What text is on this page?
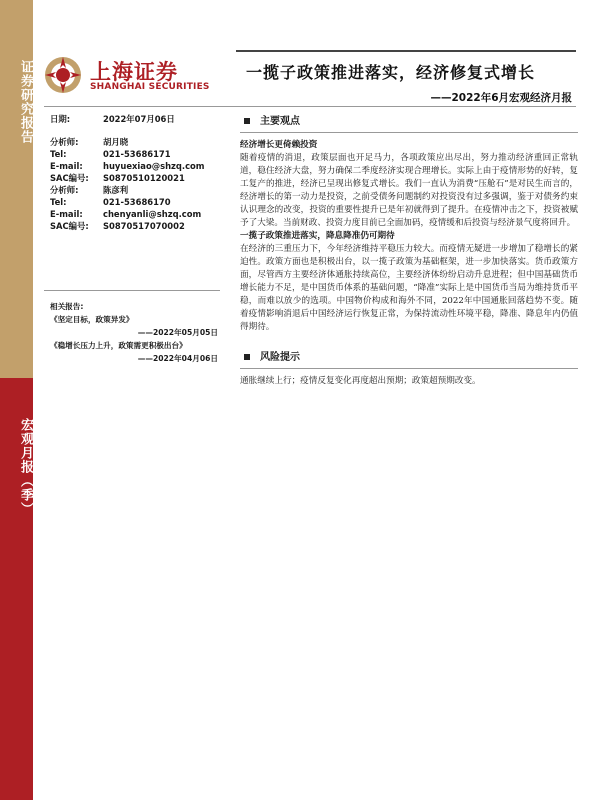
证券研究报告
宏观月报（季）
上海证券
SHANGHAI SECURITIES
一揽子政策推进落实，经济修复式增长
——2022年6月宏观经济月报
日期:	2022年07月06日
分析师:	胡月晓
Tel:	021-53686171
E-mail:	huyuexiao@shzq.com
SAC编号:	S0870510120021
分析师:	陈彦利
Tel:	021-53686170
E-mail:	chenyanli@shzq.com
SAC编号:	S0870517070002
相关报告:
《坚定目标，政策异发》
——2022年05月05日
《稳增长压力上升，政策需更积极出台》
——2022年04月06日
主要观点
经济增长更倚赖投资
随着疫情的消退，政策层面也开足马力，各项政策应出尽出，努力推动经济重回正常轨道，稳住经济大盘，努力确保二季度经济实现合理增长。实际上由于疫情形势的好转，复工复产的推进，经济已呈现出修复式增长。我们一直认为消费“压舱石”是对民生而言的，经济增长的第一动力是投资，之前受债务问题制约对投资没有过多强调，鉴于对债务约束认识理念的改变，投资的重要性提升已是年初就得到了提升。在疫情冲击之下，投资被赋予了大梁。当前财政、投资力度目前已全面加码，疫情缓和后投资与经济景气度将回升。
一揽子政策推进落实，降息降准仍可期待
在经济的三重压力下，今年经济维持平稳压力较大。而疫情无疑进一步增加了稳增长的紧迫性。政策方面也是积极出台，以一揽子政策为基础框架，进一步加快落实。货币政策方面，尽管西方主要经济体通胀持续高位，主要经济体纷纷启动升息进程；但中国基础货币增长能力不足，是中国货币体系的基础问题，“降准”实际上是中国货币当局为维持货币平稳，而难以放少的选项。中国物价构成和海外不同，2022年中国通胀回落趋势不变。随着疫情影响消退后中国经济运行恢复正常，为保持流动性环境平稳，降准、降息年内仍值得期待。
风险提示
通胀继续上行；疫情反复变化再度超出预期；政策超预期改变。
